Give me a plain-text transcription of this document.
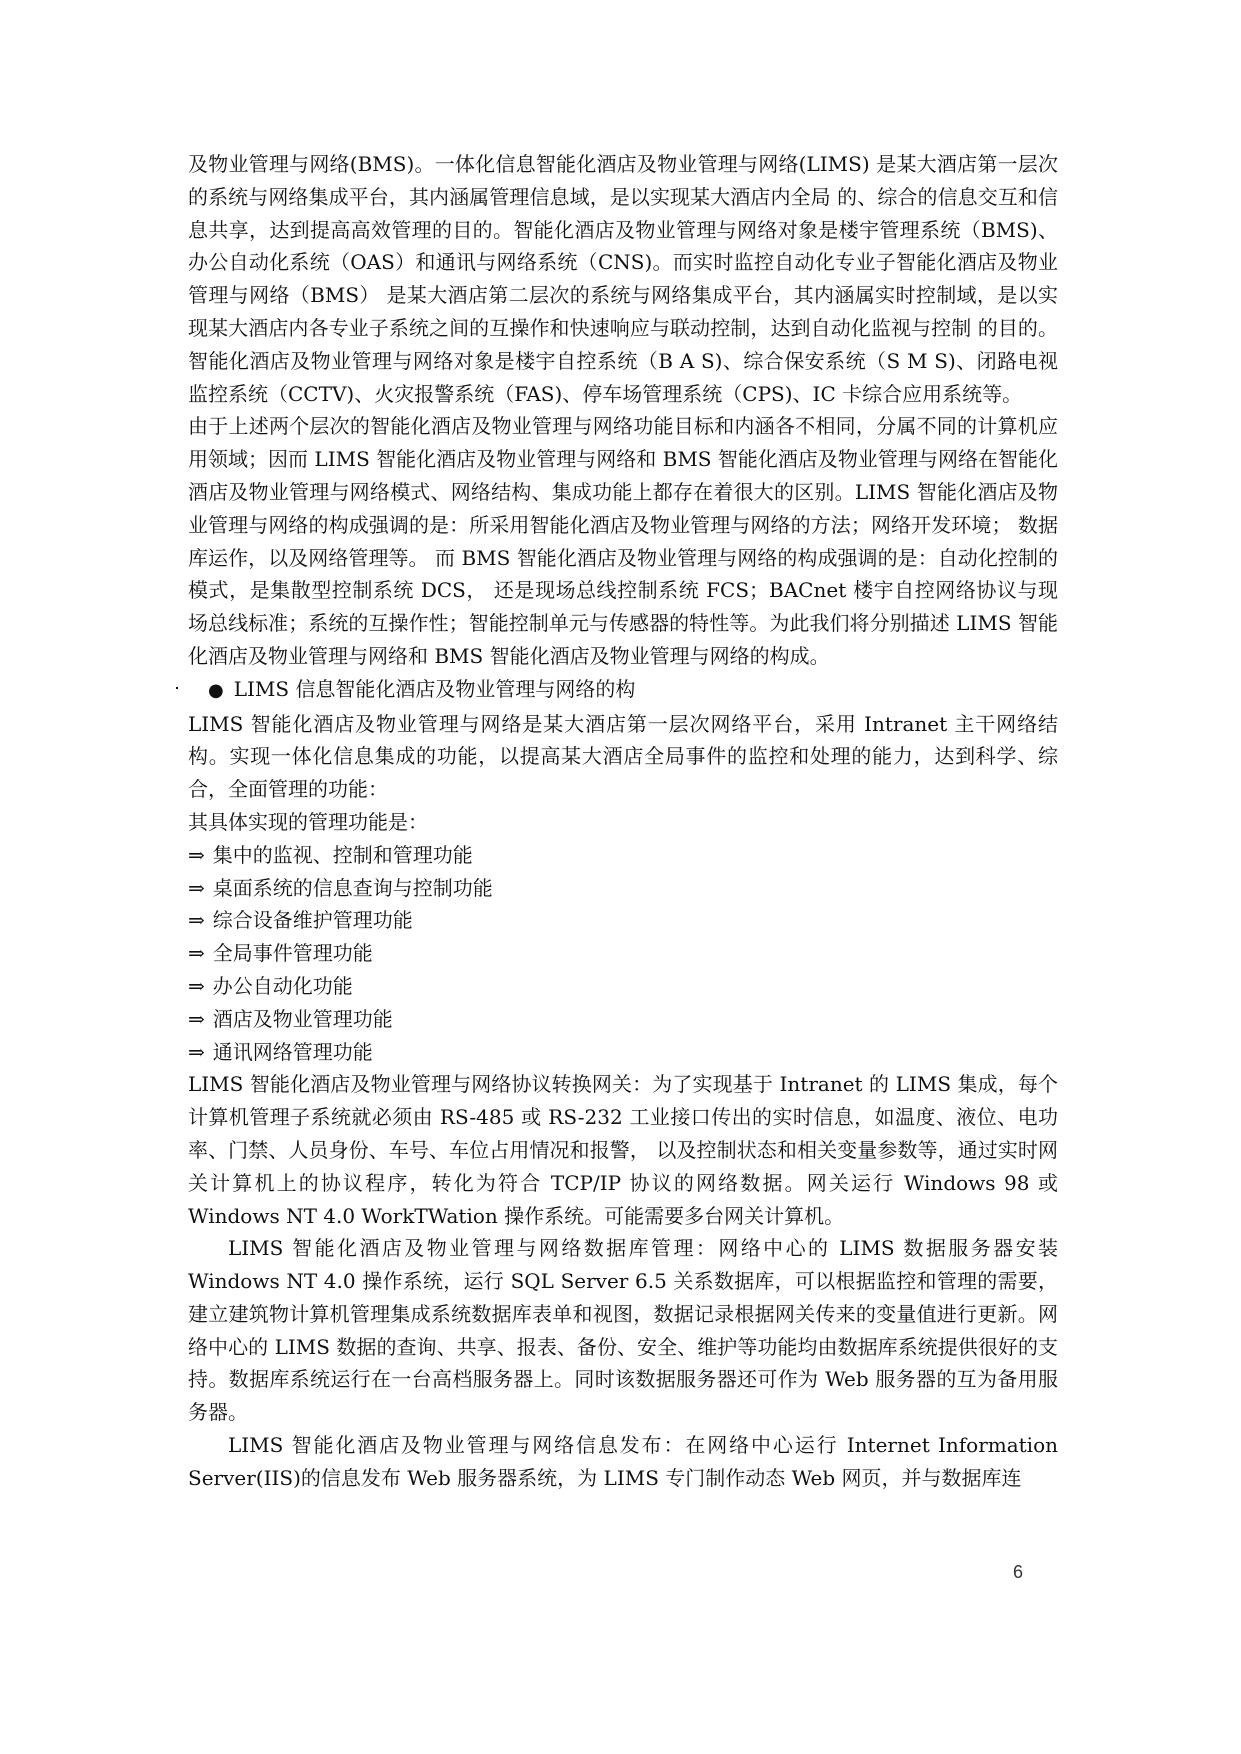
及物业管理与网络(BMS)。一体化信息智能化酒店及物业管理与网络(LIMS) 是某大酒店第一层次的系统与网络集成平台，其内涵属管理信息域，是以实现某大酒店内全局 的、综合的信息交互和信息共享，达到提高高效管理的目的。智能化酒店及物业管理与网络对象是楼宇管理系统（BMS)、办公自动化系统（OAS）和通讯与网络系统（CNS)。而实时监控自动化专业子智能化酒店及物业管理与网络（BMS） 是某大酒店第二层次的系统与网络集成平台，其内涵属实时控制域，是以实现某大酒店内各专业子系统之间的互操作和快速响应与联动控制，达到自动化监视与控制 的目的。智能化酒店及物业管理与网络对象是楼宇自控系统（B A S)、综合保安系统（S M S)、闭路电视监控系统（CCTV)、火灾报警系统（FAS)、停车场管理系统（CPS)、IC 卡综合应用系统等。

由于上述两个层次的智能化酒店及物业管理与网络功能目标和内涵各不相同，分属不同的计算机应用领域；因而 LIMS 智能化酒店及物业管理与网络和 BMS 智能化酒店及物业管理与网络在智能化酒店及物业管理与网络模式、网络结构、集成功能上都存在着很大的区别。LIMS 智能化酒店及物业管理与网络的构成强调的是：所采用智能化酒店及物业管理与网络的方法；网络开发环境； 数据库运作，以及网络管理等。 而 BMS 智能化酒店及物业管理与网络的构成强调的是：自动化控制的模式，是集散型控制系统 DCS， 还是现场总线控制系统 FCS；BACnet 楼宇自控网络协议与现场总线标准；系统的互操作性；智能控制单元与传感器的特性等。为此我们将分别描述 LIMS 智能化酒店及物业管理与网络和 BMS 智能化酒店及物业管理与网络的构成。

● LIMS 信息智能化酒店及物业管理与网络的构

LIMS 智能化酒店及物业管理与网络是某大酒店第一层次网络平台，采用 Intranet 主干网络结构。实现一体化信息集成的功能，以提高某大酒店全局事件的监控和处理的能力，达到科学、综合，全面管理的功能：

其具体实现的管理功能是：

⇒ 集中的监视、控制和管理功能

⇒ 桌面系统的信息查询与控制功能

⇒ 综合设备维护管理功能

⇒ 全局事件管理功能

⇒ 办公自动化功能

⇒ 酒店及物业管理功能

⇒ 通讯网络管理功能

LIMS 智能化酒店及物业管理与网络协议转换网关：为了实现基于 Intranet 的 LIMS 集成，每个计算机管理子系统就必须由 RS-485 或 RS-232 工业接口传出的实时信息，如温度、液位、电功率、门禁、人员身份、车号、车位占用情况和报警， 以及控制状态和相关变量参数等，通过实时网关计算机上的协议程序，转化为符合 TCP/IP 协议的网络数据。网关运行 Windows 98 或 Windows NT 4.0 WorkTWation 操作系统。可能需要多台网关计算机。

LIMS 智能化酒店及物业管理与网络数据库管理：网络中心的 LIMS 数据服务器安装 Windows NT 4.0 操作系统，运行 SQL Server 6.5 关系数据库，可以根据监控和管理的需要，建立建筑物计算机管理集成系统数据库表单和视图，数据记录根据网关传来的变量值进行更新。网络中心的 LIMS 数据的查询、共享、报表、备份、安全、维护等功能均由数据库系统提供很好的支持。数据库系统运行在一台高档服务器上。同时该数据服务器还可作为 Web 服务器的互为备用服务器。

LIMS 智能化酒店及物业管理与网络信息发布：在网络中心运行 Internet Information Server(IIS)的信息发布 Web 服务器系统，为 LIMS 专门制作动态 Web 网页，并与数据库连

6
